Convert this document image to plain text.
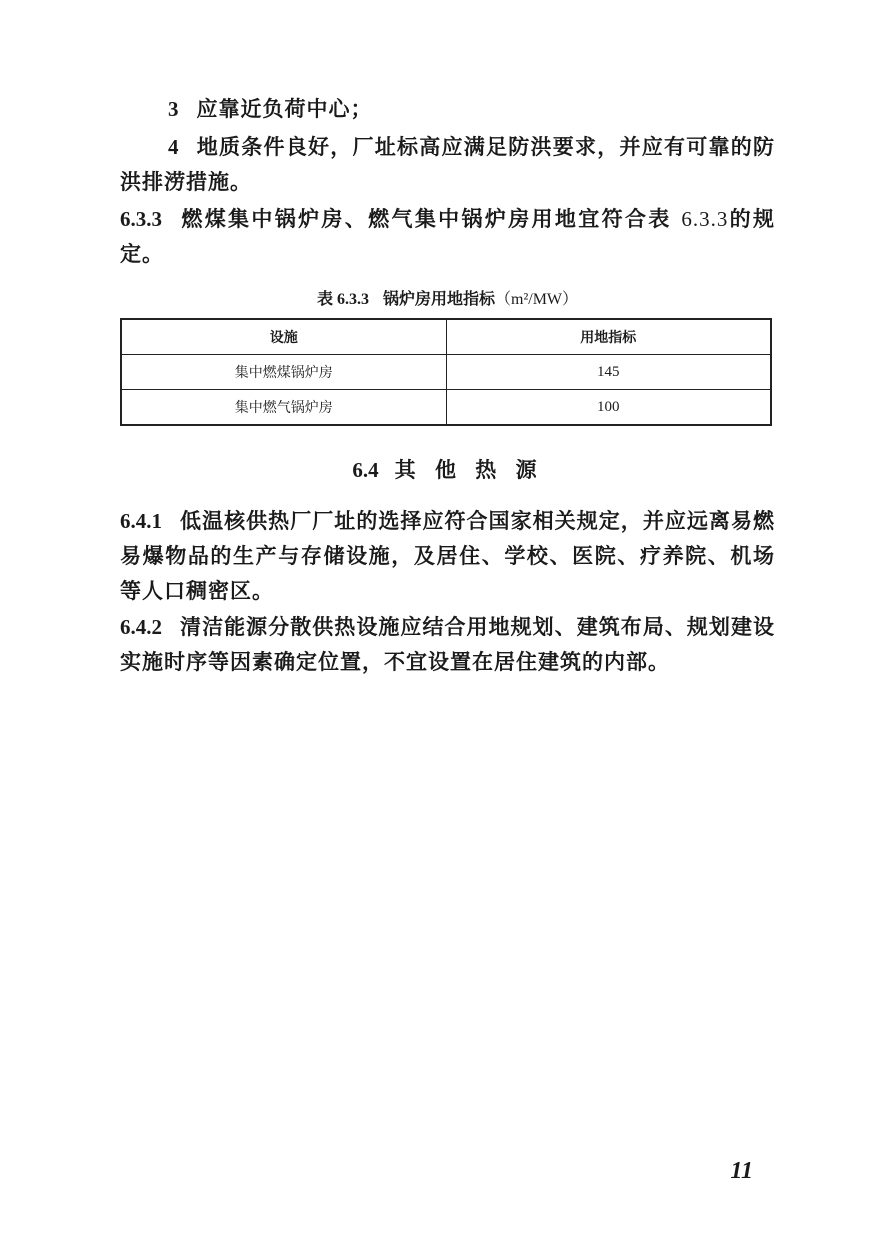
3 应靠近负荷中心；
4 地质条件良好，厂址标高应满足防洪要求，并应有可靠的防洪排涝措施。
6.3.3 燃煤集中锅炉房、燃气集中锅炉房用地宜符合表 6.3.3的规定。
表 6.3.3 锅炉房用地指标（m²/MW）
设施	用地指标
集中燃煤锅炉房	145
集中燃气锅炉房	100
6.4 其 他 热 源
6.4.1 低温核供热厂厂址的选择应符合国家相关规定，并应远离易燃易爆物品的生产与存储设施，及居住、学校、医院、疗养院、机场等人口稠密区。
6.4.2 清洁能源分散供热设施应结合用地规划、建筑布局、规划建设实施时序等因素确定位置，不宜设置在居住建筑的内部。
11
